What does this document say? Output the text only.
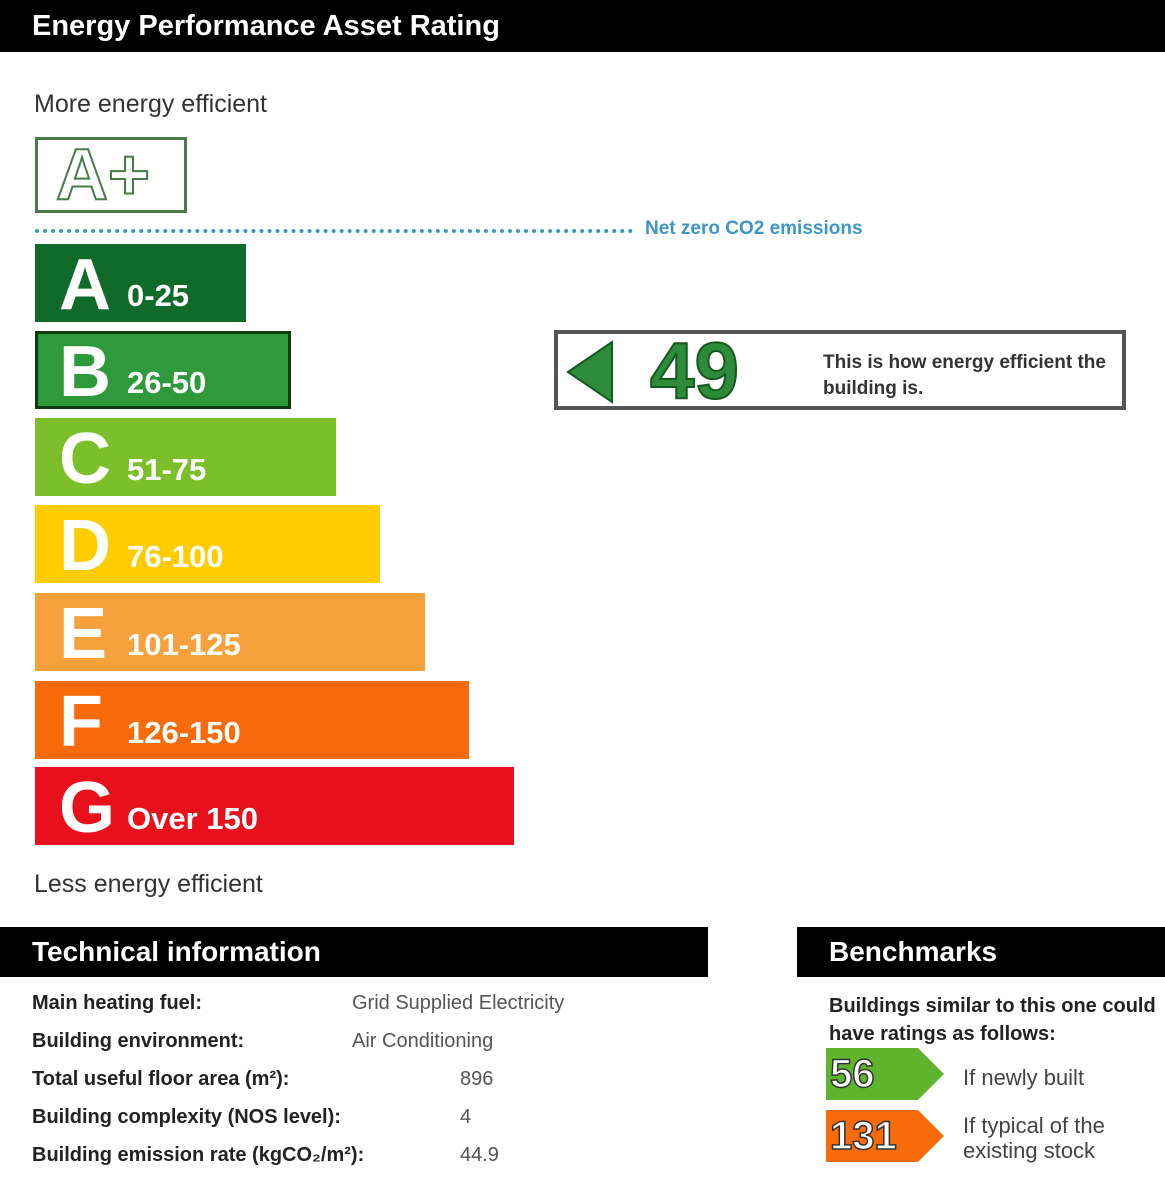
Energy Performance Asset Rating
More energy efficient
A+
Net zero CO2 emissions
A 0-25
B 26-50
C 51-75
D 76-100
E 101-125
F 126-150
G Over 150
Less energy efficient
49	This is how energy efficient the building is.
Technical information
Main heating fuel:	Grid Supplied Electricity
Building environment:	Air Conditioning
Total useful floor area (m²):	896
Building complexity (NOS level):	4
Building emission rate (kgCO₂/m²):	44.9
Benchmarks
Buildings similar to this one could have ratings as follows:
56	If newly built
131	If typical of the existing stock
